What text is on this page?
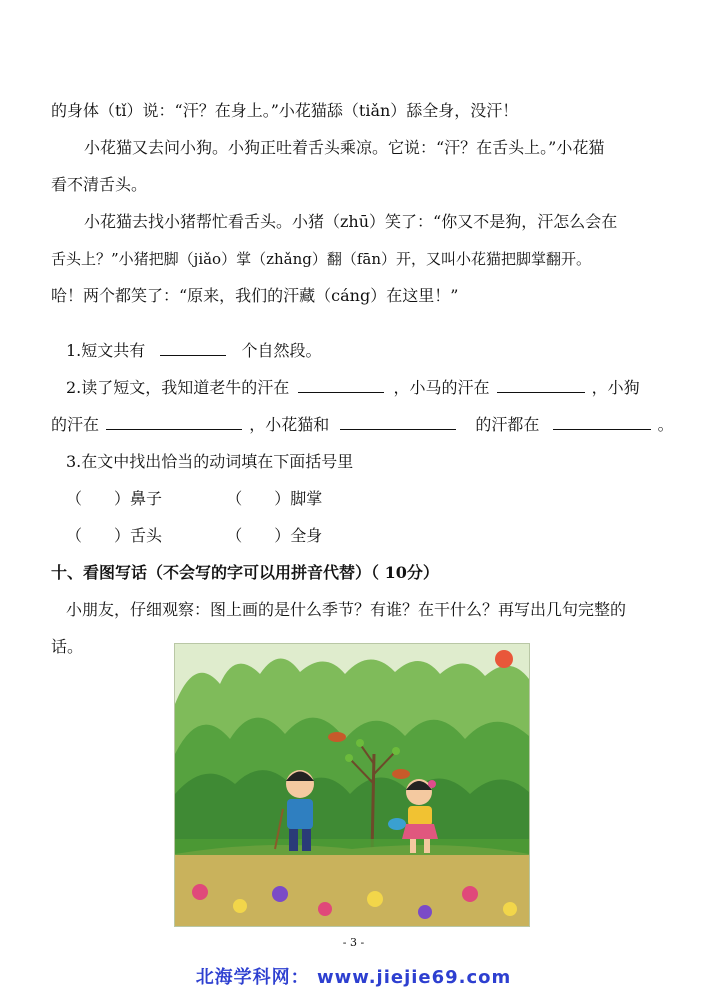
的身体（tǐ）说：“汗？在身上。”小花猫舔（tiǎn）舔全身，没汗！
小花猫又去问小狗。小狗正吐着舌头乘凉。它说：“汗？在舌头上。”小花猫
看不清舌头。
小花猫去找小猪帮忙看舌头。小猪（zhū）笑了：“你又不是狗，汗怎么会在
舌头上？”小猪把脚（jiǎo）掌（zhǎng）翻（fān）开，又叫小花猫把脚掌翻开。
哈！两个都笑了：“原来，我们的汗藏（cáng）在这里！”
1.短文共有	个自然段。
2.读了短文，我知道老牛的汗在	，小马的汗在	，小狗
的汗在	，小花猫和	的汗都在	。
3.在文中找出恰当的动词填在下面括号里
（　　）鼻子	（　　）脚掌
（　　）舌头	（　　）全身
十、看图写话（不会写的字可以用拼音代替）（ 10分）
小朋友，仔细观察：图上画的是什么季节？有谁？在干什么？再写出几句完整的
话。
- 3 -
北海学科网： www.jiejie69.com
